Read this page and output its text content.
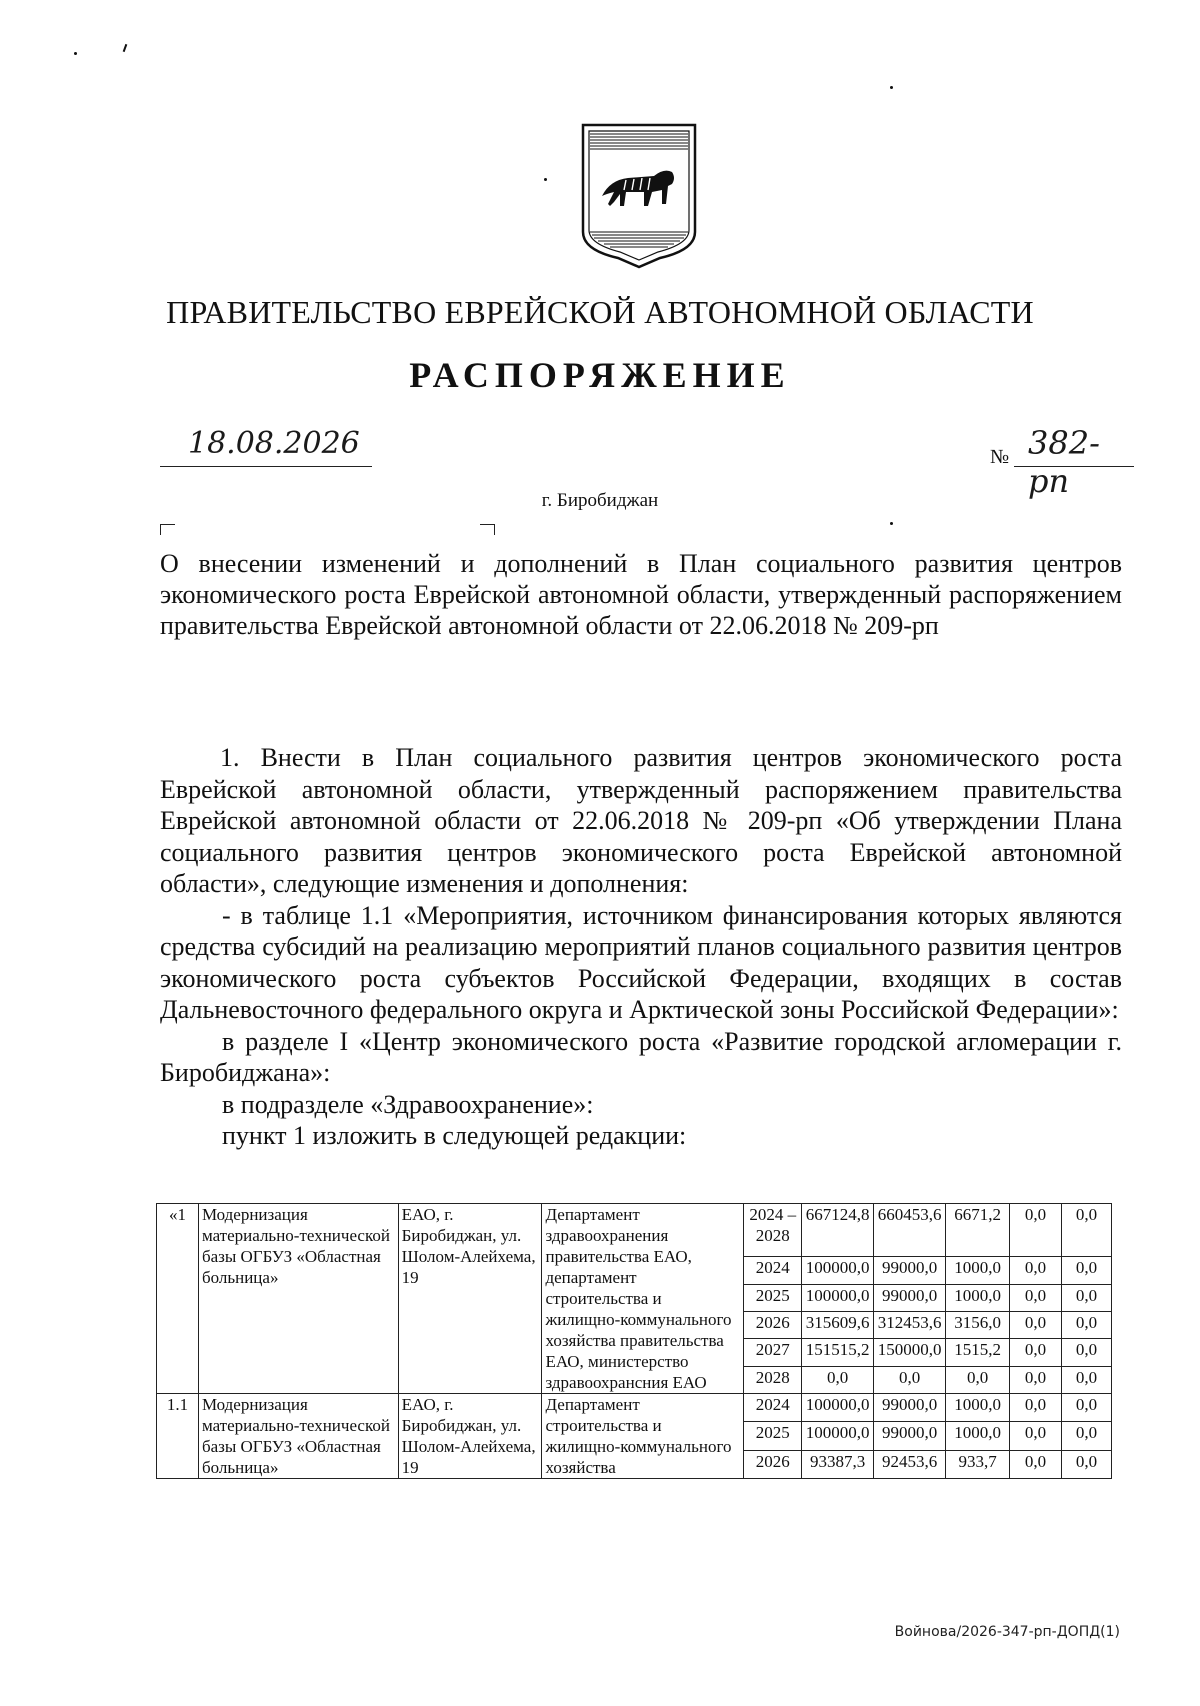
ПРАВИТЕЛЬСТВО ЕВРЕЙСКОЙ АВТОНОМНОЙ ОБЛАСТИ
РАСПОРЯЖЕНИЕ
18.08.2026	№ 382-рп
г. Биробиджан
О внесении изменений и дополнений в План социального развития центров экономического роста Еврейской автономной области, утвержденный распоряжением правительства Еврейской автономной области от 22.06.2018 № 209-рп

1. Внести в План социального развития центров экономического роста Еврейской автономной области, утвержденный распоряжением правительства Еврейской автономной области от 22.06.2018 № 209-рп «Об утверждении Плана социального развития центров экономического роста Еврейской автономной области», следующие изменения и дополнения:

- в таблице 1.1 «Мероприятия, источником финансирования которых являются средства субсидий на реализацию мероприятий планов социального развития центров экономического роста субъектов Российской Федерации, входящих в состав Дальневосточного федерального округа и Арктической зоны Российской Федерации»:

в разделе I «Центр экономического роста «Развитие городской агломерации г. Биробиджана»:

в подразделе «Здравоохранение»:

пункт 1 изложить в следующей редакции:

«1	Модернизация материально-технической базы ОГБУЗ «Областная больница»	ЕАО, г. Биробиджан, ул. Шолом-Алейхема, 19	Департамент здравоохранения правительства ЕАО, департамент строительства и жилищно-коммунального хозяйства правительства ЕАО, министерство здравоохрансния ЕАО	2024 – 2028	667124,8	660453,6	6671,2	0,0	0,0
				2024	100000,0	99000,0	1000,0	0,0	0,0
				2025	100000,0	99000,0	1000,0	0,0	0,0
				2026	315609,6	312453,6	3156,0	0,0	0,0
				2027	151515,2	150000,0	1515,2	0,0	0,0
				2028	0,0	0,0	0,0	0,0	0,0
1.1	Модернизация материально-технической базы ОГБУЗ «Областная больница»	ЕАО, г. Биробиджан, ул. Шолом-Алейхема, 19	Департамент строительства и жилищно-коммунального хозяйства	2024	100000,0	99000,0	1000,0	0,0	0,0
				2025	100000,0	99000,0	1000,0	0,0	0,0
				2026	93387,3	92453,6	933,7	0,0	0,0
Войнова/2026-347-рп-ДОПД(1)
